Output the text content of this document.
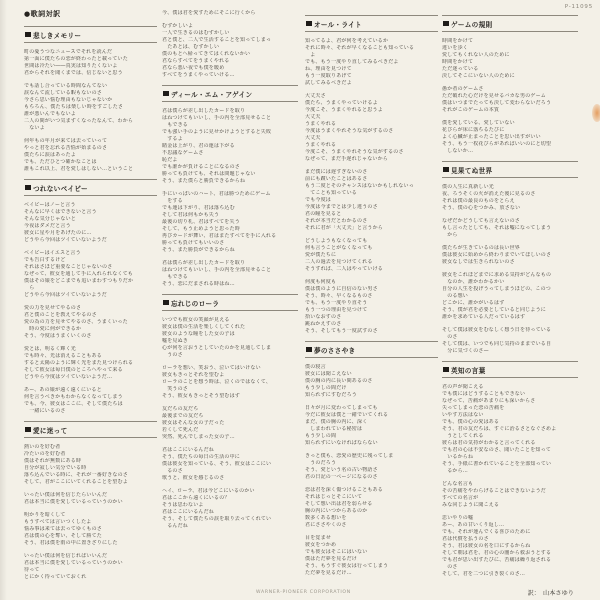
P-11095
●歌詞対訳
悲しきメモリー
町の憂うつなニュースでそれを読んだ
第一面に僕たちの恋が終わったと載っていた
世間は冷たい――真実は知りたくないよ
君からそれを聞くまでは、信じないと思う
でも話し合っている時間なんてない
涙なんて流している暇もないのさ
今さら思い悩む理由もないじゃないか
もちろん、僕たちは楽しい時をすごしたさ
誰が悪いんでもないよ
二人の間がいつ気まずくなったなんて、わから
　ないよ
何年もの年月が来ては去っていって
やっと君を忘れる苦悩が始まるのさ
僕たちに涙はあったよ
でも、ただひとつ確かなことは
誰もこれ以上、君を愛しはしない…ということ
つれないベイビー
ベイビーはノーと言う
そんなに早くはできないと言う
そんな気分じゃないと
今夜はダメだと言う
彼女に星や月をあげたのに…
どうやら今回はツイていないようだ
ベイビーはイエスと言う
でも告白するけど
それはさほど重要なことじゃないのさ
なぜって、彼女を通して手に入れられなくても
僕はその娘をどこまでも追いまわすつもりだか
　ら
どうやら今回はツイていないようだ
愛の力を見せてやるのさ
君と僕のことを教えてやるのさ
愛の為の力を見せてやるのさ、うまくいった
　時の愛に何ができるか
そう、今度はうまくいくのさ
愛とは、明るく輝く光
でも時々、光は消えることもある
すると太陽のように輝く光をまた見つけられる
そして彼女は毎日僕のところへやって来る
どうやら今度はツイていないようだ…
あー、あの娘が遠く遠くにいると
何を言うべきかもわからなくなってしまう
でも、今、彼女はここに、そして僕たちは
　一緒にいるのさ
愛に迷って
熱いのを好む者
冷たいのを好む者
僕はそれが無数にある時
自分が寂しい気分でいる時
落ち込んでいる時に、それが一番好きなのさ
そして、君がここにいてくれることを望むよ
いったい僕は何を信じたらいいんだ
君は本当に僕を愛しているっていうのかい
明かりを暗くして
もうすべては言いつくしたよ
悩み事は来ては去ってゆくものさ
君は僕の心を奪い、そして勝てた
そう、君は僕を雨の中に置きざりにした
いったい僕は何を信じればいいんだ
君は本当に僕を愛しているっていうのかい
待って
とにかく待っていておくれ
今、僕は君を愛すためにそこに行くから
むずかしいよ
一人で生きるのはむずかしい
君と僕と、二人で生活することを知ってしまっ
　たあとは、むずかしい
僕のもとへ帰ってきてはくれないかい
君ならすべてをうまくやれる
君なら悪い夜でも僕を暖め
すべてをうまくやっていける…
ディール・エム・アゲイン
君は僕らが差し出したカードを取り
はねつけてもいいし、手の内を全部見せること
　もできる
でも強い手のように見せかけようとすると失敗
　するよ
賭金は上がり、君の運は下がる
不思議なゲームさ
恥だよ
でも誰かが負けることになるのさ
勝っても負けても、それは問題じゃない
そう、また僕らと勝負できるからね
手にいっぱいのハート、君は勝つためにゲーム
　をする
でも運は下がり、君は落ち込む
そして君は何もかも失う
最後の切り札、君はすべてを失う
そして、もう止めようと思った時
再びカードが舞い、君はまたすべてを手に入れる
勝っても負けてもいいのさ
そう、また勝負ができるからね
君は僕らが差し出したカードを取り
はねつけてもいいし、手の内を全部見せること
　もできる
そう、恋にだまされる時はね…
忘れじのローラ
いつでも彼女の笑顔が見える
彼女は僕の生活を楽しくしてくれた
彼女のような瞳をした女の子は
嘘を見ぬき
心が何を言おうとしていたのかを見通してしま
　うのさ
ローラを想い、笑おう、泣いてはいけない
彼女もきっとそれを望むよ
ローラのことを想う時は、泣くのではなくて、
　笑うのさ
そう、彼女もきっとそう望むはず
友だちの友だち
最後までの友だち
彼女はそんな女の子だった
若くして死んだ
突然、死んでしまった女の子…
君はここにいるんだね
そう、僕たちの毎日の生活の中に
僕は彼女を知っている、そう、彼女はここにい
　るのさ
歌うと、彼女を感じるのさ
ヘイ、ローラ、君は今どこにいるのかい
君はここから遠くにいるの？
そうは思わないよ
君はここにいるんだね
そう、そして僕たちの涙を取り去ってくれてい
　るんだね
オール・ライト
知ってるよ、君が何を考えているか
それに時々、それが早くなることも知っている
　よ
でも、もう一度やり直してみるべきだよ
ね、理由を見つけて
もう一度取りあげて
試してみるべきだよ
大丈夫さ
僕たち、うまくやっていけるよ
今度こそ、うまくやれると思うよ
大丈夫
うまくやれる
今度はうまくやれそうな気がするのさ
大丈夫
うまくやれる
今度こそ、うまくやれそうな気がするのさ
なぜって、まだ手遅れじゃないから
まだ僕には遅すぎないのさ
前にも躓いたことはあるさ
もう二度とそのチャンスはないかもしれないっ
　てことも知っている
でも今度は
今度は今までとは少し違うのさ
君の瞳を見ると
それが本当だとわかるのさ
それに君が「大丈夫」と言うから
どうしようもなくなっても
何も言うことがなくなっても
愛が僕たちに
二人の過去を見つけてくれる
そうすれば、二人はやっていける
何度も何度も
僕は僕のように自信のない男さ
そう、時々、早くなるものさ
でも、もう一度やり直そう
もう一つの理由を見つけて
拾いなおすのさ
跳ねかえすのさ
そう、そしてもう一度試すのさ
夢のささやき
僕の寝言
彼女には聞こえない
僕の胸の内に長い間あるのさ
もう少しの間だけ
知られずにすむだろう
日々が月に変わってしまっても
今だに彼女は僕と一緒でいてくれる
まだ、僕の胸の内に、深く
　しまわれている秘密は
もう少しの間
知られずにいなければならない
きっと僕も、恋愛の歴史に残ってしま
　うのだろう
そう、愛という名の古い物語さ
君の日記の一ページになるのさ
恋は君を深く傷つけることもある
それはじっとそこにいて
そして想い出は君を弱らせる
胸の内にいつからあるのか
数多くある想いを
君にささやくのさ
目を覚ませ
彼女をつかめ
でも彼女はそこにはいない
僕はただ夢を見るだけ
そう、もうすぐ彼女は行ってしまう
ただ夢を見るだけ…
ゲームの規則
時間をかけて
違いを歩く
愛してもくれない人のために
時間をかけて
ただ迷っている
決してそこにいない人のために
愚か者のゲームさ
ただ破れた心だけを見せるバカな男のゲーム
僕はいつまでたっても決して変わらないだろう
それがこのゲームの本質
僕を愛している、愛していない
花びらが床に落ちるたびに
よく心臓が止まったことを思い出すがいい
そう、もう一枚花びらがあればいいのにと切望
　しないか…
見果てぬ世界
僕の人生に真新しい光
夜、ろうそくの火が消えた後に見るのさ
それは僕の最良のものをとらえ
そう、僕の心をつかみ、放さない
なぜだかどうしても言えないのさ
もし言ったとしても、それは嘘になってしまう
　から
僕たちが生きているのは長い世界
僕は彼女に始めから終わりまでいてほしいのさ
彼女なしでは生きられないのさ
彼女をこれほどまでに求める気持がどんなもの
　なのか、誰かわかるかい
自分の人生を投げうってしまうほどの、このつ
　のる想い
どこかに、誰かがいるはず
そう、僕が君を必要としていると同じように
誰かを求めている人だっているはず
そして僕は彼女をむなしく想う日を待っている
　のさ
そして僕は、いつでも同じ気持のままでいる自
　分に気づくのさ—
英知の言葉
君の声が聞こえる
でも僕にはどうすることもできない
なぜって、苦痛があまりにも深いからさ
失ってしまった恋の苦痛を
いやす方法はない
でも、僕の心の愛はある
そう、君の友だちは、すぐに治るさとなぐさめよ
　うとしてくれる
彼らは君の気持がわかると言ってくれる
でも君の心は不安なのさ、聞いたことを知って
　いるからね
そう、手紙に書かれていることを全部知ってい
　るから…
どんな名言も
その苦痛をやわらげることはできないようだ
すべての名言が
みな同じように聞こえる
思いやりの嘘
あー、あの甘いくり返し…
でも、それが運んでくる喜びのために
君は代償を払うのさ
そう、君は彼女の名を口にするからね
そして朝は君を、君の心の闇から救おうとする
でも君が思い出すたびに、苦痛は繰り返される
　のさ
そして、君を二つに引き裂くのさ…
訳：　山本さゆり
WARNER-PIONEER CORPORATION
